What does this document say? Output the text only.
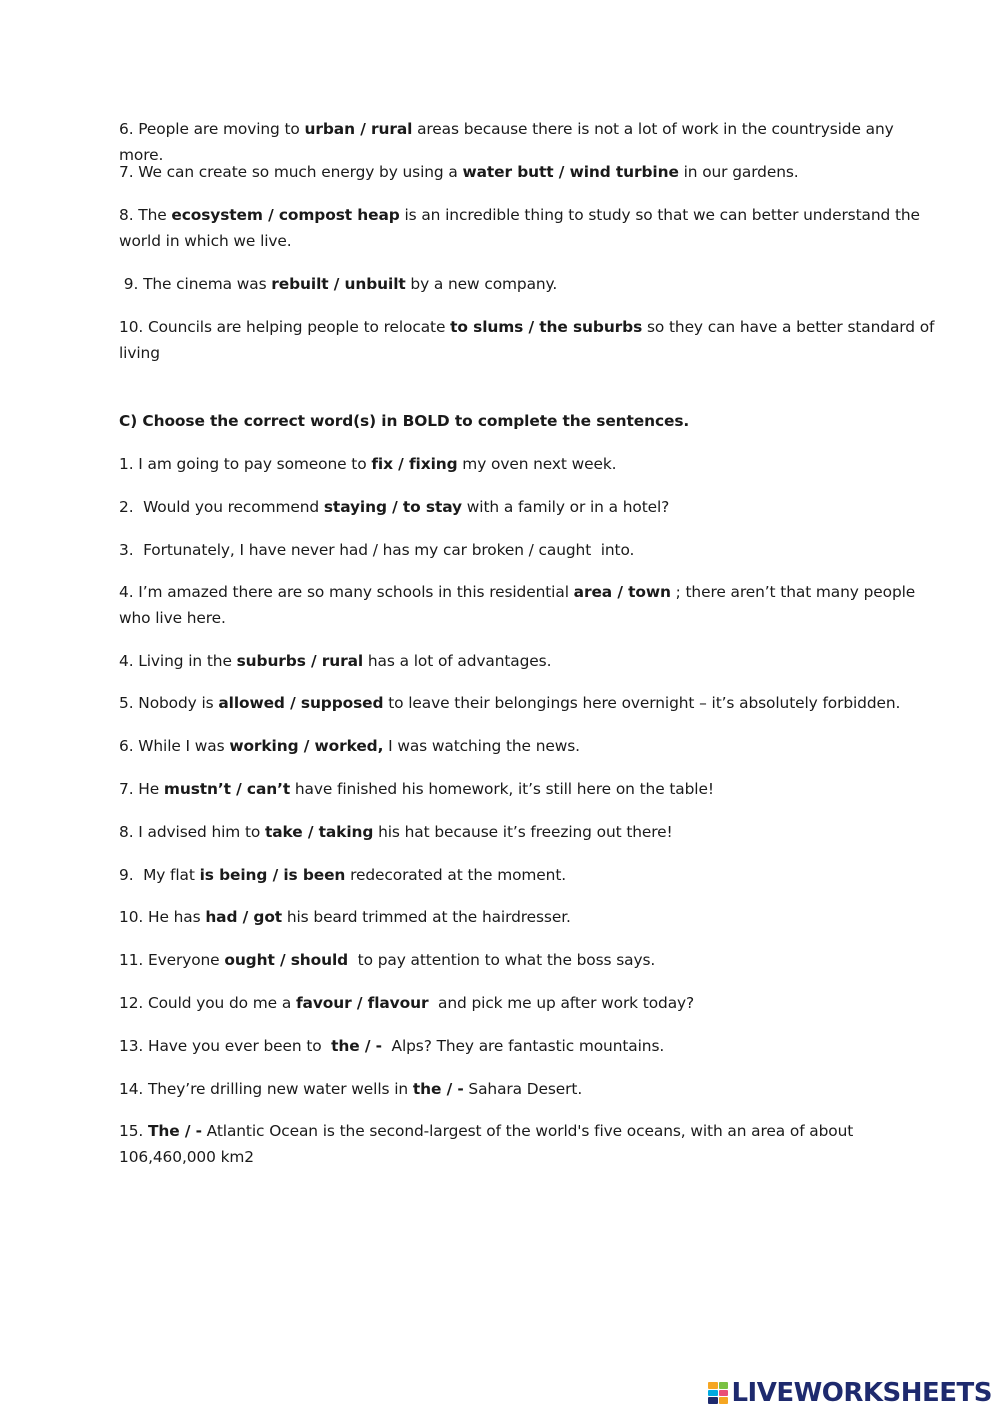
6. People are moving to urban / rural areas because there is not a lot of work in the countryside any more.

7. We can create so much energy by using a water butt / wind turbine in our gardens.

8. The ecosystem / compost heap is an incredible thing to study so that we can better understand the world in which we live.

9. The cinema was rebuilt / unbuilt by a new company.

10. Councils are helping people to relocate to slums / the suburbs so they can have a better standard of living

C) Choose the correct word(s) in BOLD to complete the sentences.

1. I am going to pay someone to fix / fixing my oven next week.

2.  Would you recommend staying / to stay with a family or in a hotel?

3.  Fortunately, I have never had / has my car broken / caught  into.

4. I’m amazed there are so many schools in this residential area / town ; there aren’t that many people who live here.

4. Living in the suburbs / rural has a lot of advantages.

5. Nobody is allowed / supposed to leave their belongings here overnight – it’s absolutely forbidden.

6. While I was working / worked, I was watching the news.

7. He mustn’t / can’t have finished his homework, it’s still here on the table!

8. I advised him to take / taking his hat because it’s freezing out there!

9.  My flat is being / is been redecorated at the moment.

10. He has had / got his beard trimmed at the hairdresser.

11. Everyone ought / should  to pay attention to what the boss says.

12. Could you do me a favour / flavour  and pick me up after work today?

13. Have you ever been to  the / -  Alps? They are fantastic mountains.

14. They’re drilling new water wells in the / - Sahara Desert.

15. The / - Atlantic Ocean is the second-largest of the world's five oceans, with an area of about 106,460,000 km2

LIVEWORKSHEETS
